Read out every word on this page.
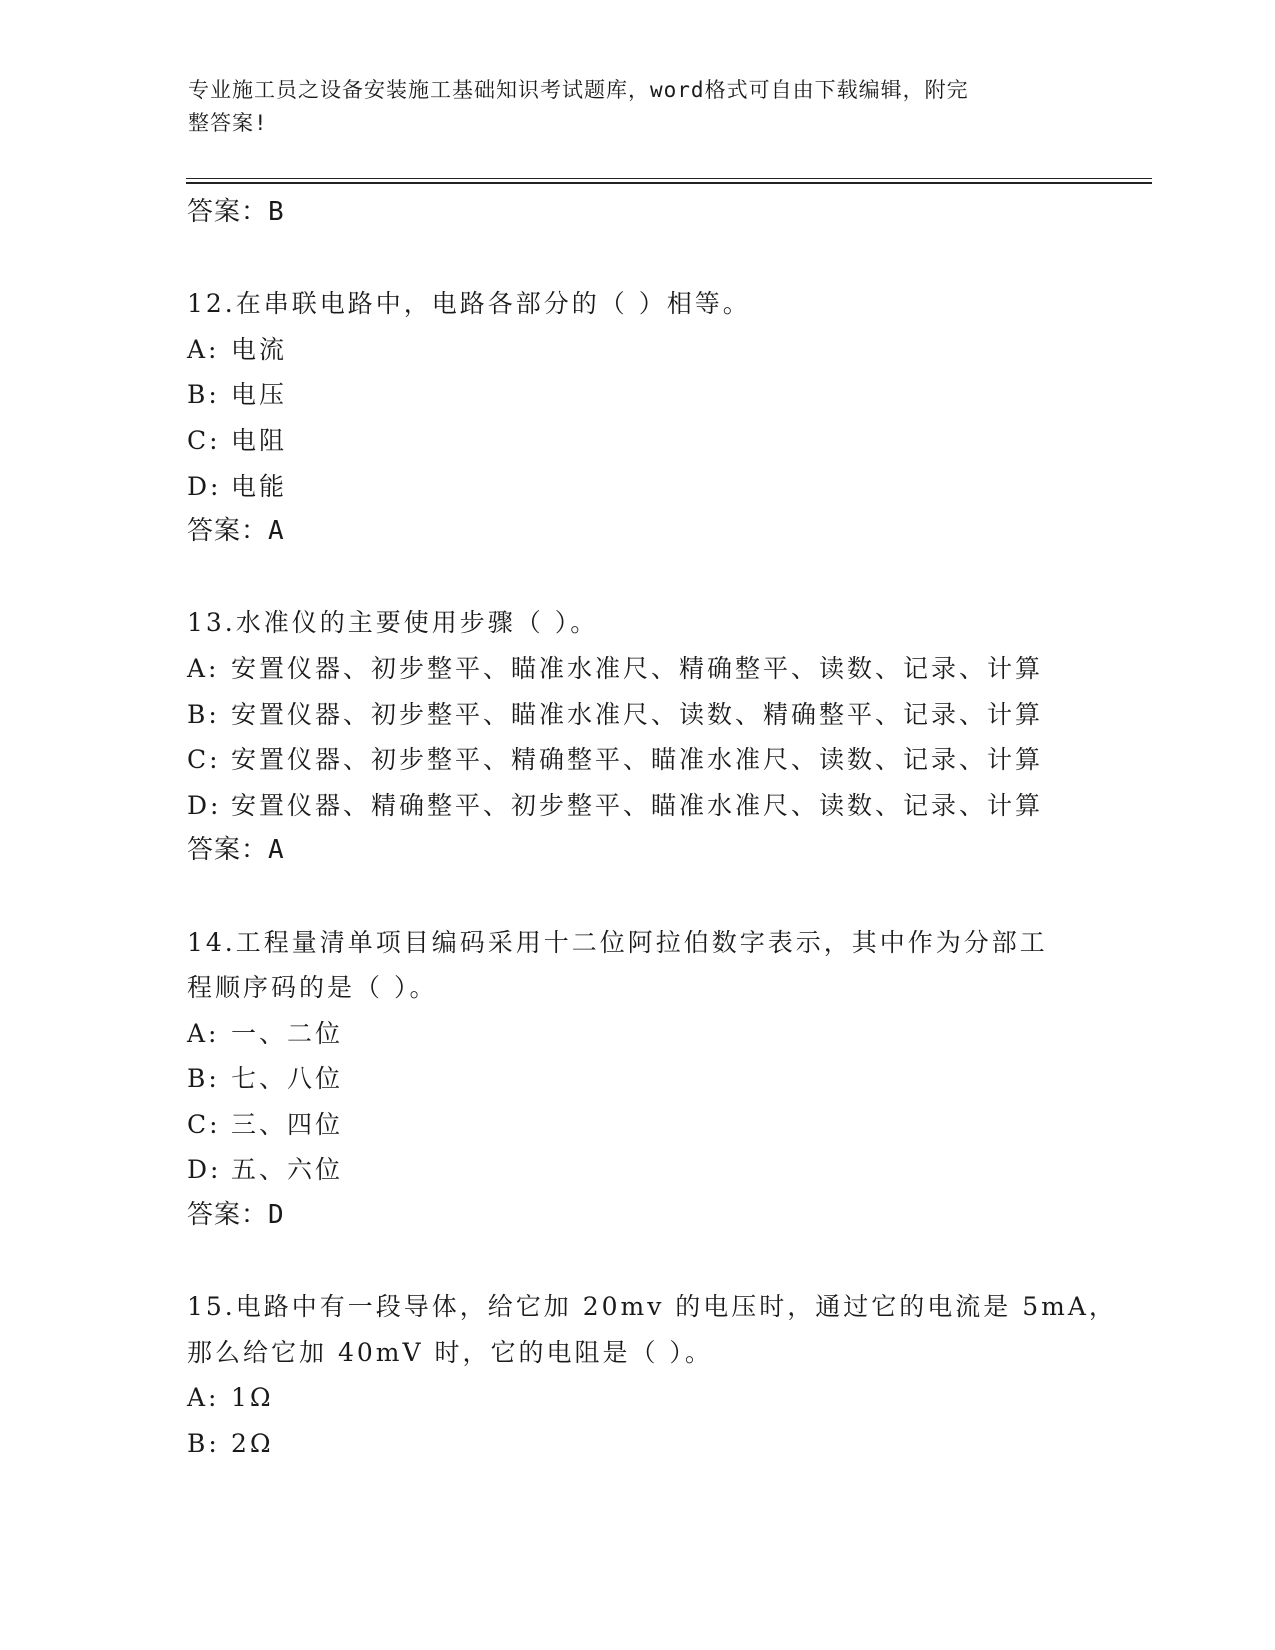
专业施工员之设备安装施工基础知识考试题库，word格式可自由下载编辑，附完
整答案!
答案：B
12.在串联电路中，电路各部分的（ ）相等。
A: 电流
B: 电压
C: 电阻
D: 电能
答案：A
13.水准仪的主要使用步骤（ ）。
A: 安置仪器、初步整平、瞄准水准尺、精确整平、读数、记录、计算
B: 安置仪器、初步整平、瞄准水准尺、读数、精确整平、记录、计算
C: 安置仪器、初步整平、精确整平、瞄准水准尺、读数、记录、计算
D: 安置仪器、精确整平、初步整平、瞄准水准尺、读数、记录、计算
答案：A
14.工程量清单项目编码采用十二位阿拉伯数字表示，其中作为分部工
程顺序码的是（ ）。
A: 一、二位
B: 七、八位
C: 三、四位
D: 五、六位
答案：D
15.电路中有一段导体，给它加 20mv 的电压时，通过它的电流是 5mA，
那么给它加 40mV 时，它的电阻是（ ）。
A: 1Ω
B: 2Ω
